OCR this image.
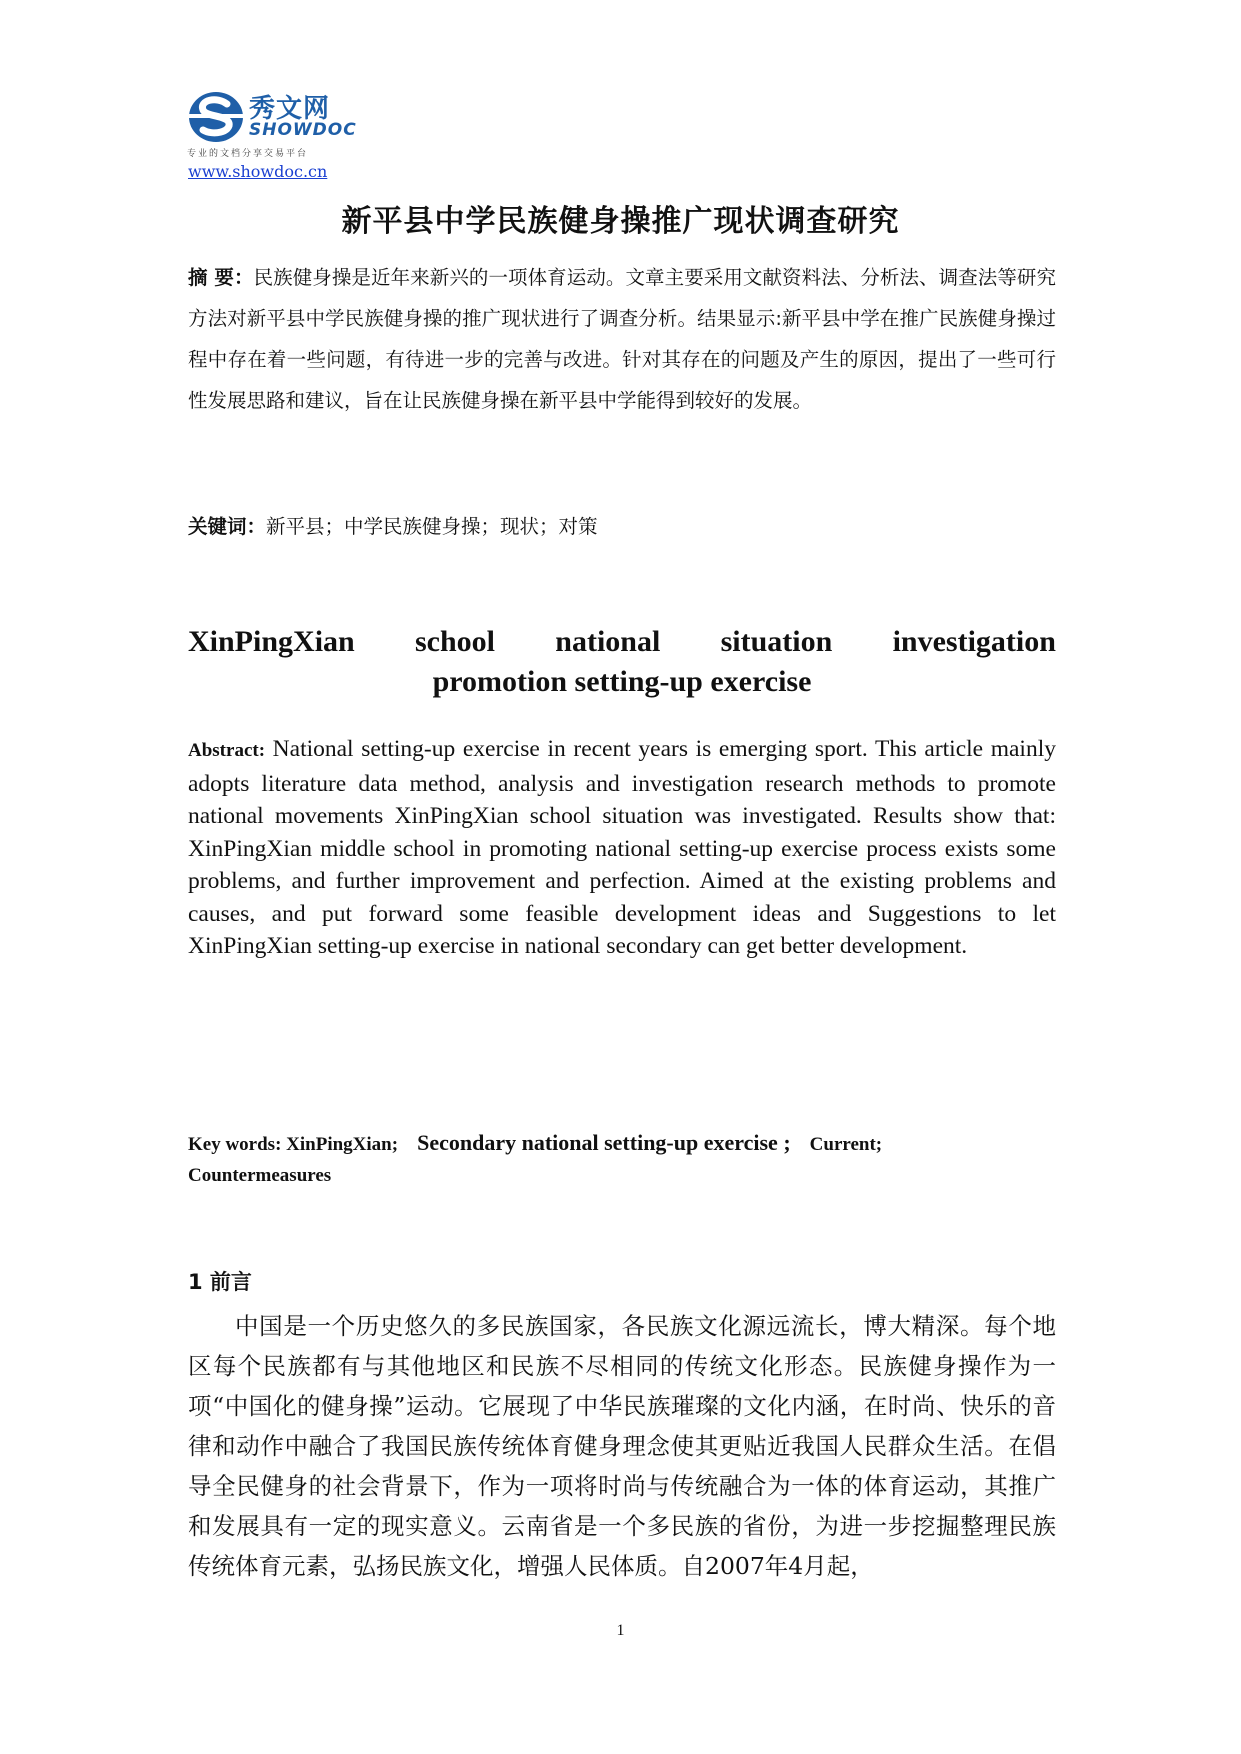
秀文网
SHOWDOC
专业的文档分享交易平台
www.showdoc.cn
新平县中学民族健身操推广现状调查研究
摘 要：民族健身操是近年来新兴的一项体育运动。文章主要采用文献资料法、分析法、调查法等研究方法对新平县中学民族健身操的推广现状进行了调查分析。结果显示:新平县中学在推广民族健身操过程中存在着一些问题，有待进一步的完善与改进。针对其存在的问题及产生的原因，提出了一些可行性发展思路和建议，旨在让民族健身操在新平县中学能得到较好的发展。
关键词：新平县；中学民族健身操；现状；对策
XinPingXian school national situation investigation
promotion setting-up exercise
Abstract: National setting-up exercise in recent years is emerging sport. This article mainly adopts literature data method, analysis and investigation research methods to promote national movements XinPingXian school situation was investigated. Results show that: XinPingXian middle school in promoting national setting-up exercise process exists some problems, and further improvement and perfection. Aimed at the existing problems and causes, and put forward some feasible development ideas and Suggestions to let XinPingXian setting-up exercise in national secondary can get better development.
Key words: XinPingXian; Secondary national setting-up exercise ; Current;
Countermeasures
1 前言

中国是一个历史悠久的多民族国家，各民族文化源远流长，博大精深。每个地区每个民族都有与其他地区和民族不尽相同的传统文化形态。民族健身操作为一项“中国化的健身操”运动。它展现了中华民族璀璨的文化内涵，在时尚、快乐的音律和动作中融合了我国民族传统体育健身理念使其更贴近我国人民群众生活。在倡导全民健身的社会背景下，作为一项将时尚与传统融合为一体的体育运动，其推广和发展具有一定的现实意义。云南省是一个多民族的省份，为进一步挖掘整理民族传统体育元素，弘扬民族文化，增强人民体质。自2007年4月起，

1
